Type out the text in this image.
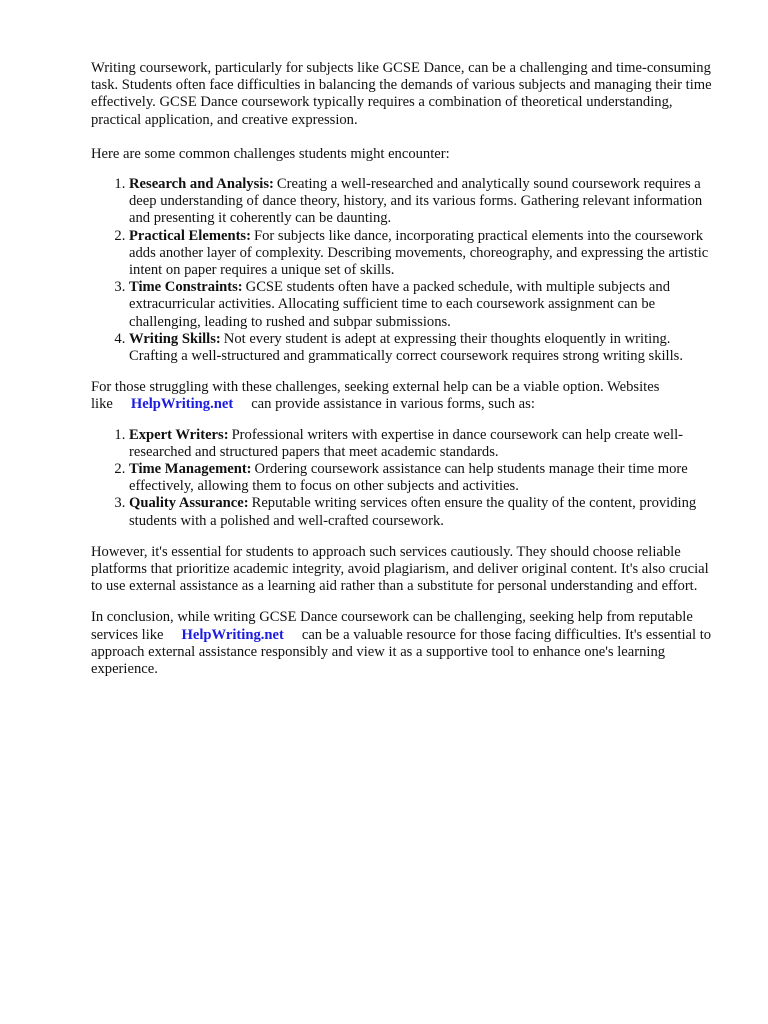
Writing coursework, particularly for subjects like GCSE Dance, can be a challenging and time-consuming task. Students often face difficulties in balancing the demands of various subjects and managing their time effectively. GCSE Dance coursework typically requires a combination of theoretical understanding, practical application, and creative expression.

Here are some common challenges students might encounter:

1. Research and Analysis: Creating a well-researched and analytically sound coursework requires a deep understanding of dance theory, history, and its various forms. Gathering relevant information and presenting it coherently can be daunting.
2. Practical Elements: For subjects like dance, incorporating practical elements into the coursework adds another layer of complexity. Describing movements, choreography, and expressing the artistic intent on paper requires a unique set of skills.
3. Time Constraints: GCSE students often have a packed schedule, with multiple subjects and extracurricular activities. Allocating sufficient time to each coursework assignment can be challenging, leading to rushed and subpar submissions.
4. Writing Skills: Not every student is adept at expressing their thoughts eloquently in writing. Crafting a well-structured and grammatically correct coursework requires strong writing skills.

For those struggling with these challenges, seeking external help can be a viable option. Websites like HelpWriting.net can provide assistance in various forms, such as:

1. Expert Writers: Professional writers with expertise in dance coursework can help create well-researched and structured papers that meet academic standards.
2. Time Management: Ordering coursework assistance can help students manage their time more effectively, allowing them to focus on other subjects and activities.
3. Quality Assurance: Reputable writing services often ensure the quality of the content, providing students with a polished and well-crafted coursework.

However, it's essential for students to approach such services cautiously. They should choose reliable platforms that prioritize academic integrity, avoid plagiarism, and deliver original content. It's also crucial to use external assistance as a learning aid rather than a substitute for personal understanding and effort.

In conclusion, while writing GCSE Dance coursework can be challenging, seeking help from reputable services like HelpWriting.net can be a valuable resource for those facing difficulties. It's essential to approach external assistance responsibly and view it as a supportive tool to enhance one's learning experience.
